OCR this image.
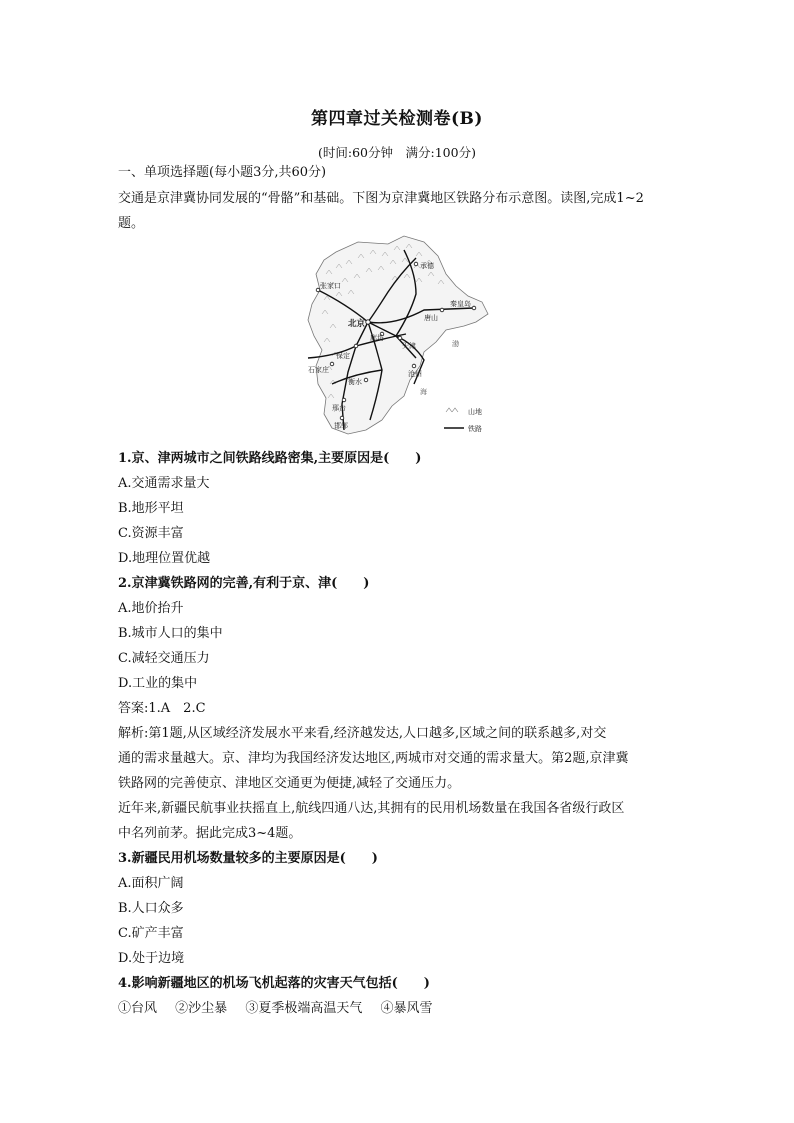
第四章过关检测卷(B)
(时间:60分钟　满分:100分)
一、单项选择题(每小题3分,共60分)
交通是京津冀协同发展的“骨骼”和基础。下图为京津冀地区铁路分布示意图。读图,完成1~2
题。
张家口
承德
北京
廊坊
唐山
秦皇岛
保定
天津
石家庄	沧州
衡水
邢台
邯郸
渤
海
山地
铁路
1.京、津两城市之间铁路线路密集,主要原因是(　　)
A.交通需求量大
B.地形平坦
C.资源丰富
D.地理位置优越
2.京津冀铁路网的完善,有利于京、津(　　)
A.地价抬升
B.城市人口的集中
C.减轻交通压力
D.工业的集中
答案:1.A　2.C
解析:第1题,从区域经济发展水平来看,经济越发达,人口越多,区域之间的联系越多,对交
通的需求量越大。京、津均为我国经济发达地区,两城市对交通的需求量大。第2题,京津冀
铁路网的完善使京、津地区交通更为便捷,减轻了交通压力。
近年来,新疆民航事业扶摇直上,航线四通八达,其拥有的民用机场数量在我国各省级行政区
中名列前茅。据此完成3~4题。
3.新疆民用机场数量较多的主要原因是(　　)
A.面积广阔
B.人口众多
C.矿产丰富
D.处于边境
4.影响新疆地区的机场飞机起落的灾害天气包括(　　)
①台风 ②沙尘暴 ③夏季极端高温天气 ④暴风雪
